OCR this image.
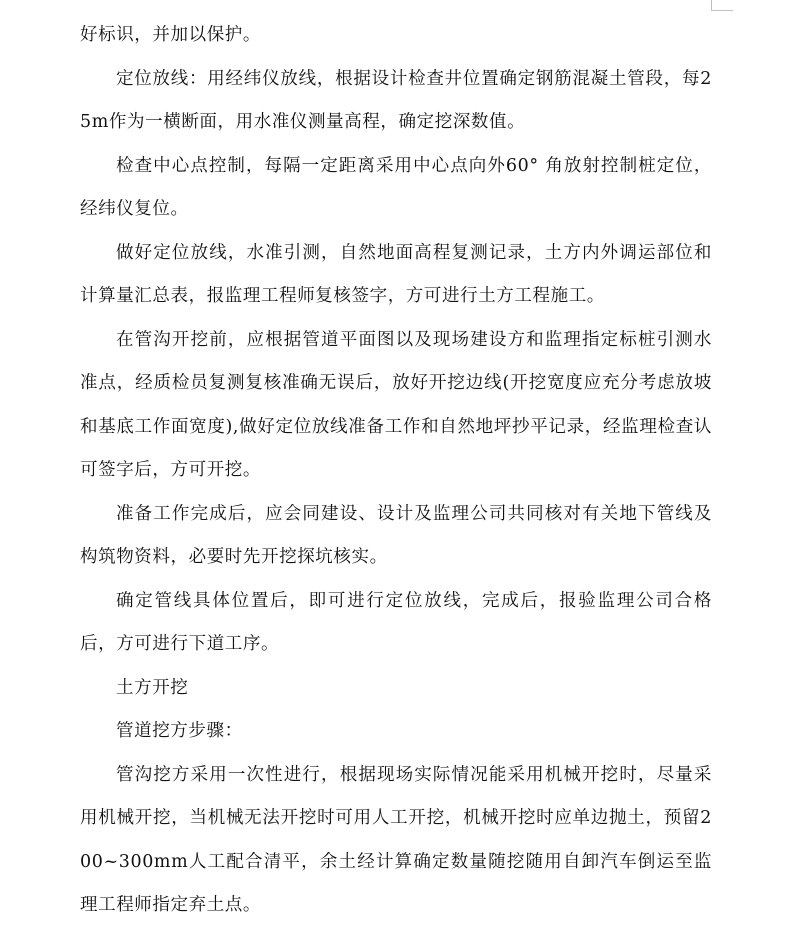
好标识，并加以保护。

定位放线：用经纬仪放线，根据设计检查井位置确定钢筋混凝土管段，每25m作为一横断面，用水准仪测量高程，确定挖深数值。

检查中心点控制，每隔一定距离采用中心点向外60° 角放射控制桩定位，经纬仪复位。

做好定位放线，水准引测，自然地面高程复测记录，土方内外调运部位和计算量汇总表，报监理工程师复核签字，方可进行土方工程施工。

在管沟开挖前，应根据管道平面图以及现场建设方和监理指定标桩引测水准点，经质检员复测复核准确无误后，放好开挖边线(开挖宽度应充分考虑放坡和基底工作面宽度),做好定位放线准备工作和自然地坪抄平记录，经监理检查认可签字后，方可开挖。

准备工作完成后，应会同建设、设计及监理公司共同核对有关地下管线及构筑物资料，必要时先开挖探坑核实。

确定管线具体位置后，即可进行定位放线，完成后，报验监理公司合格后，方可进行下道工序。

土方开挖

管道挖方步骤：

管沟挖方采用一次性进行，根据现场实际情况能采用机械开挖时，尽量采用机械开挖，当机械无法开挖时可用人工开挖，机械开挖时应单边抛土，预留200~300mm人工配合清平，余土经计算确定数量随挖随用自卸汽车倒运至监理工程师指定弃土点。
